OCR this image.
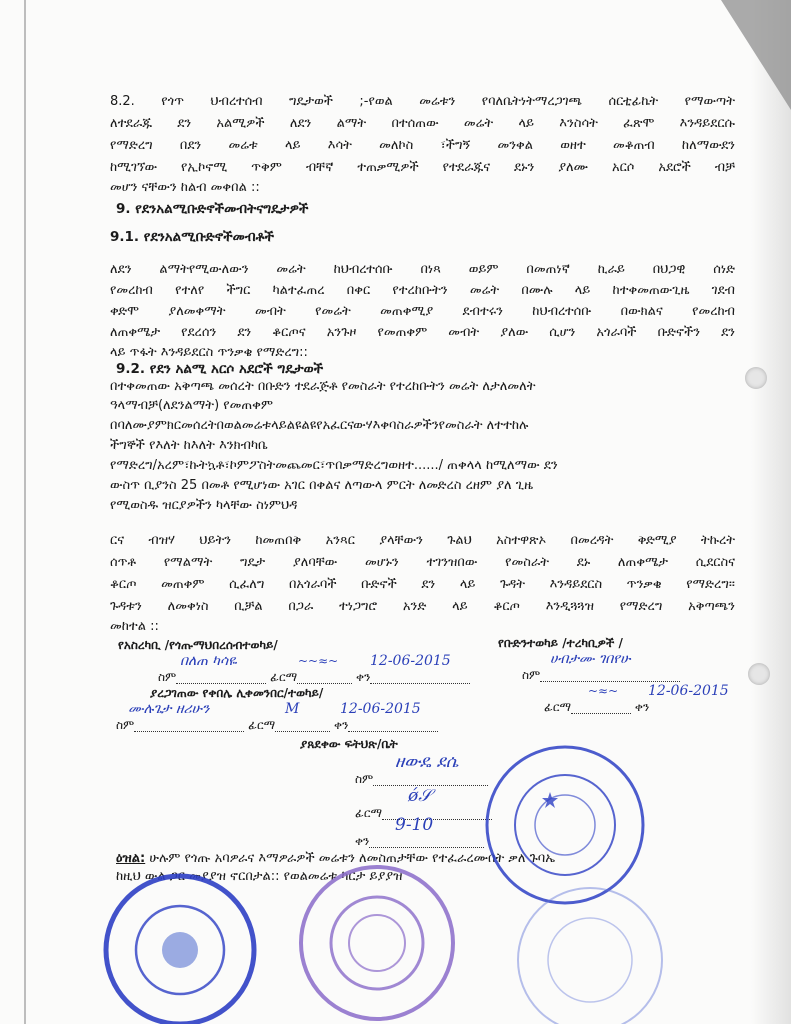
8.2. የጎጥ ህብረተሰብ ግዴታወች ;-የወል መሬቱን የባለቤትነትማረጋገጫ ሰርቲፊኬት የማውጣት
ለተደራጁ ደን አልሚዎች ለደን ልማት በተሰጠው መሬት ላይ እንስሳት ፈጽሞ እንዳይደርሱ
የማድረግ በደን መሬቱ ላይ እሳት መለኮስ ፣ችግኝ መንቀል ወዘተ መቆጠብ ከለማውደን
ከሚገኘው የኢኮኖሚ ጥቅም ብቸኛ ተጠቃሚዎች የተደራጁና ደኑን ያለሙ አርሶ አደሮች ብቻ
መሆን ናቸውን ከልብ መቀበል ::
9. የደንአልሚቡድኖችመብትናግዴታዎች
9.1. የደንአልሚቡድኖችመብቶች
ለደን ልማትየሚውለውን መሬት ከህብረተሰቡ በነጻ ወይም በመጠነኛ ኪራይ በህጋዊ ሰነድ
የመረከብ የተለየ ችግር ካልተፈጠረ በቀር የተረከቡትን መሬት በሙሉ ላይ ከተቀመጠውጊዜ ገደብ
ቀድሞ ያለመቀማት መብት የመሬት መጠቀሚያ ደብተሩን ከህብረተሰቡ በውክልና የመረከብ
ለጠቀሜታ የደረሰን ደን ቆርጦና አንጉዞ የመጠቀም መብት ያለው ሲሆን አጎራባች ቡድኖችን ደን
ላይ ጥፋት እንዳይደርስ ጥንቃቄ የማድረግ::
9.2. የደን አልሚ አርሶ አደሮች ግዴታወች
በተቀመጠው አቅጣጫ መሰረት በቡድን ተደራጅቶ የመስራት የተረከቡትን መሬት ለታለመለት
ዓላማብቻ(ለደንልማት) የመጠቀም
በባለሙያምክርመሰረትበወልመሬቱላይልዩልዩየአፈርናውሃእቀባስራዎችንየመስራት ለተተከሉ
ችግኞች የእለት ከእለት እንክብካቤ
የማድረግ/አረም፣ኩትኳቶ፣ኮምፖስትመጨመር፣ጥበቃማድረግወዘተ....../ ጠቀላላ ከሚለማው ደን
ውስጥ ቢያንስ 25 በመቶ የሚሆነው አገር በቀልና ለጣውላ ምርት ለመድረስ ረዘም ያለ ጊዜ
የሚወስዱ ዝርያዎችን ካላቸው ስነምህዳ
ርና ብዝሃ ህይትን ከመጠበቅ አንጻር ያላቸውን ጉልህ አስተዋጽኦ በመረዳት ቅድሚያ ትኩረት
ሰጥቶ የማልማት ግዴታ ያለባቸው መሆኑን ተገንዝበው የመስራት ደኑ ለጠቀሜታ ሲደርስና
ቆርጦ መጠቀም ሲፈለግ በአጎራባች ቡድኖች ደን ላይ ጉዳት እንዳይደርስ ጥንቃቄ የማድረግ፡፡
ጉዳቱን ለመቀነስ ቢቻል በጋራ ተነጋግሮ አንድ ላይ ቆርጦ እንዲጓጓዝ የማድረግ አቅጣጫን
መከተል ::
የአስረካቢ /የጎጡማህበረሰብተወካይ/	የቡድንተወካይ /ተረካቢዎች /
በለጠ ካሳዬ	~~≈~ 12-06-2015
ስም	ፊርማ	ቀን
ሀብታሙ ገበየሁ
ስም
~≈~ 12-06-2015
ፊርማ	ቀን
ያረጋገጠው የቀበሌ ሊቀመንበር/ተወካይ/
ሙሉጌታ ዘሪሁን	M	12-06-2015
ስም	ፊርማ	ቀን
ያጸደቀው ፍትህጽ/ቤት
ዘውዴ ደሴ
ስም
ǿ𝒮
ፊርማ
9-10
ቀን
ዕዝል: ሁሉም የጎጡ አባዎራና እማዎራዎች መሬቱን ለመስጠታቸው የተፈራረሙበት ቃለ ጉባኤ
ከዚህ ውል ጋር መያያዝ ኖርበታል:: የወልመሬቱ ካርታ ይያያዝ
